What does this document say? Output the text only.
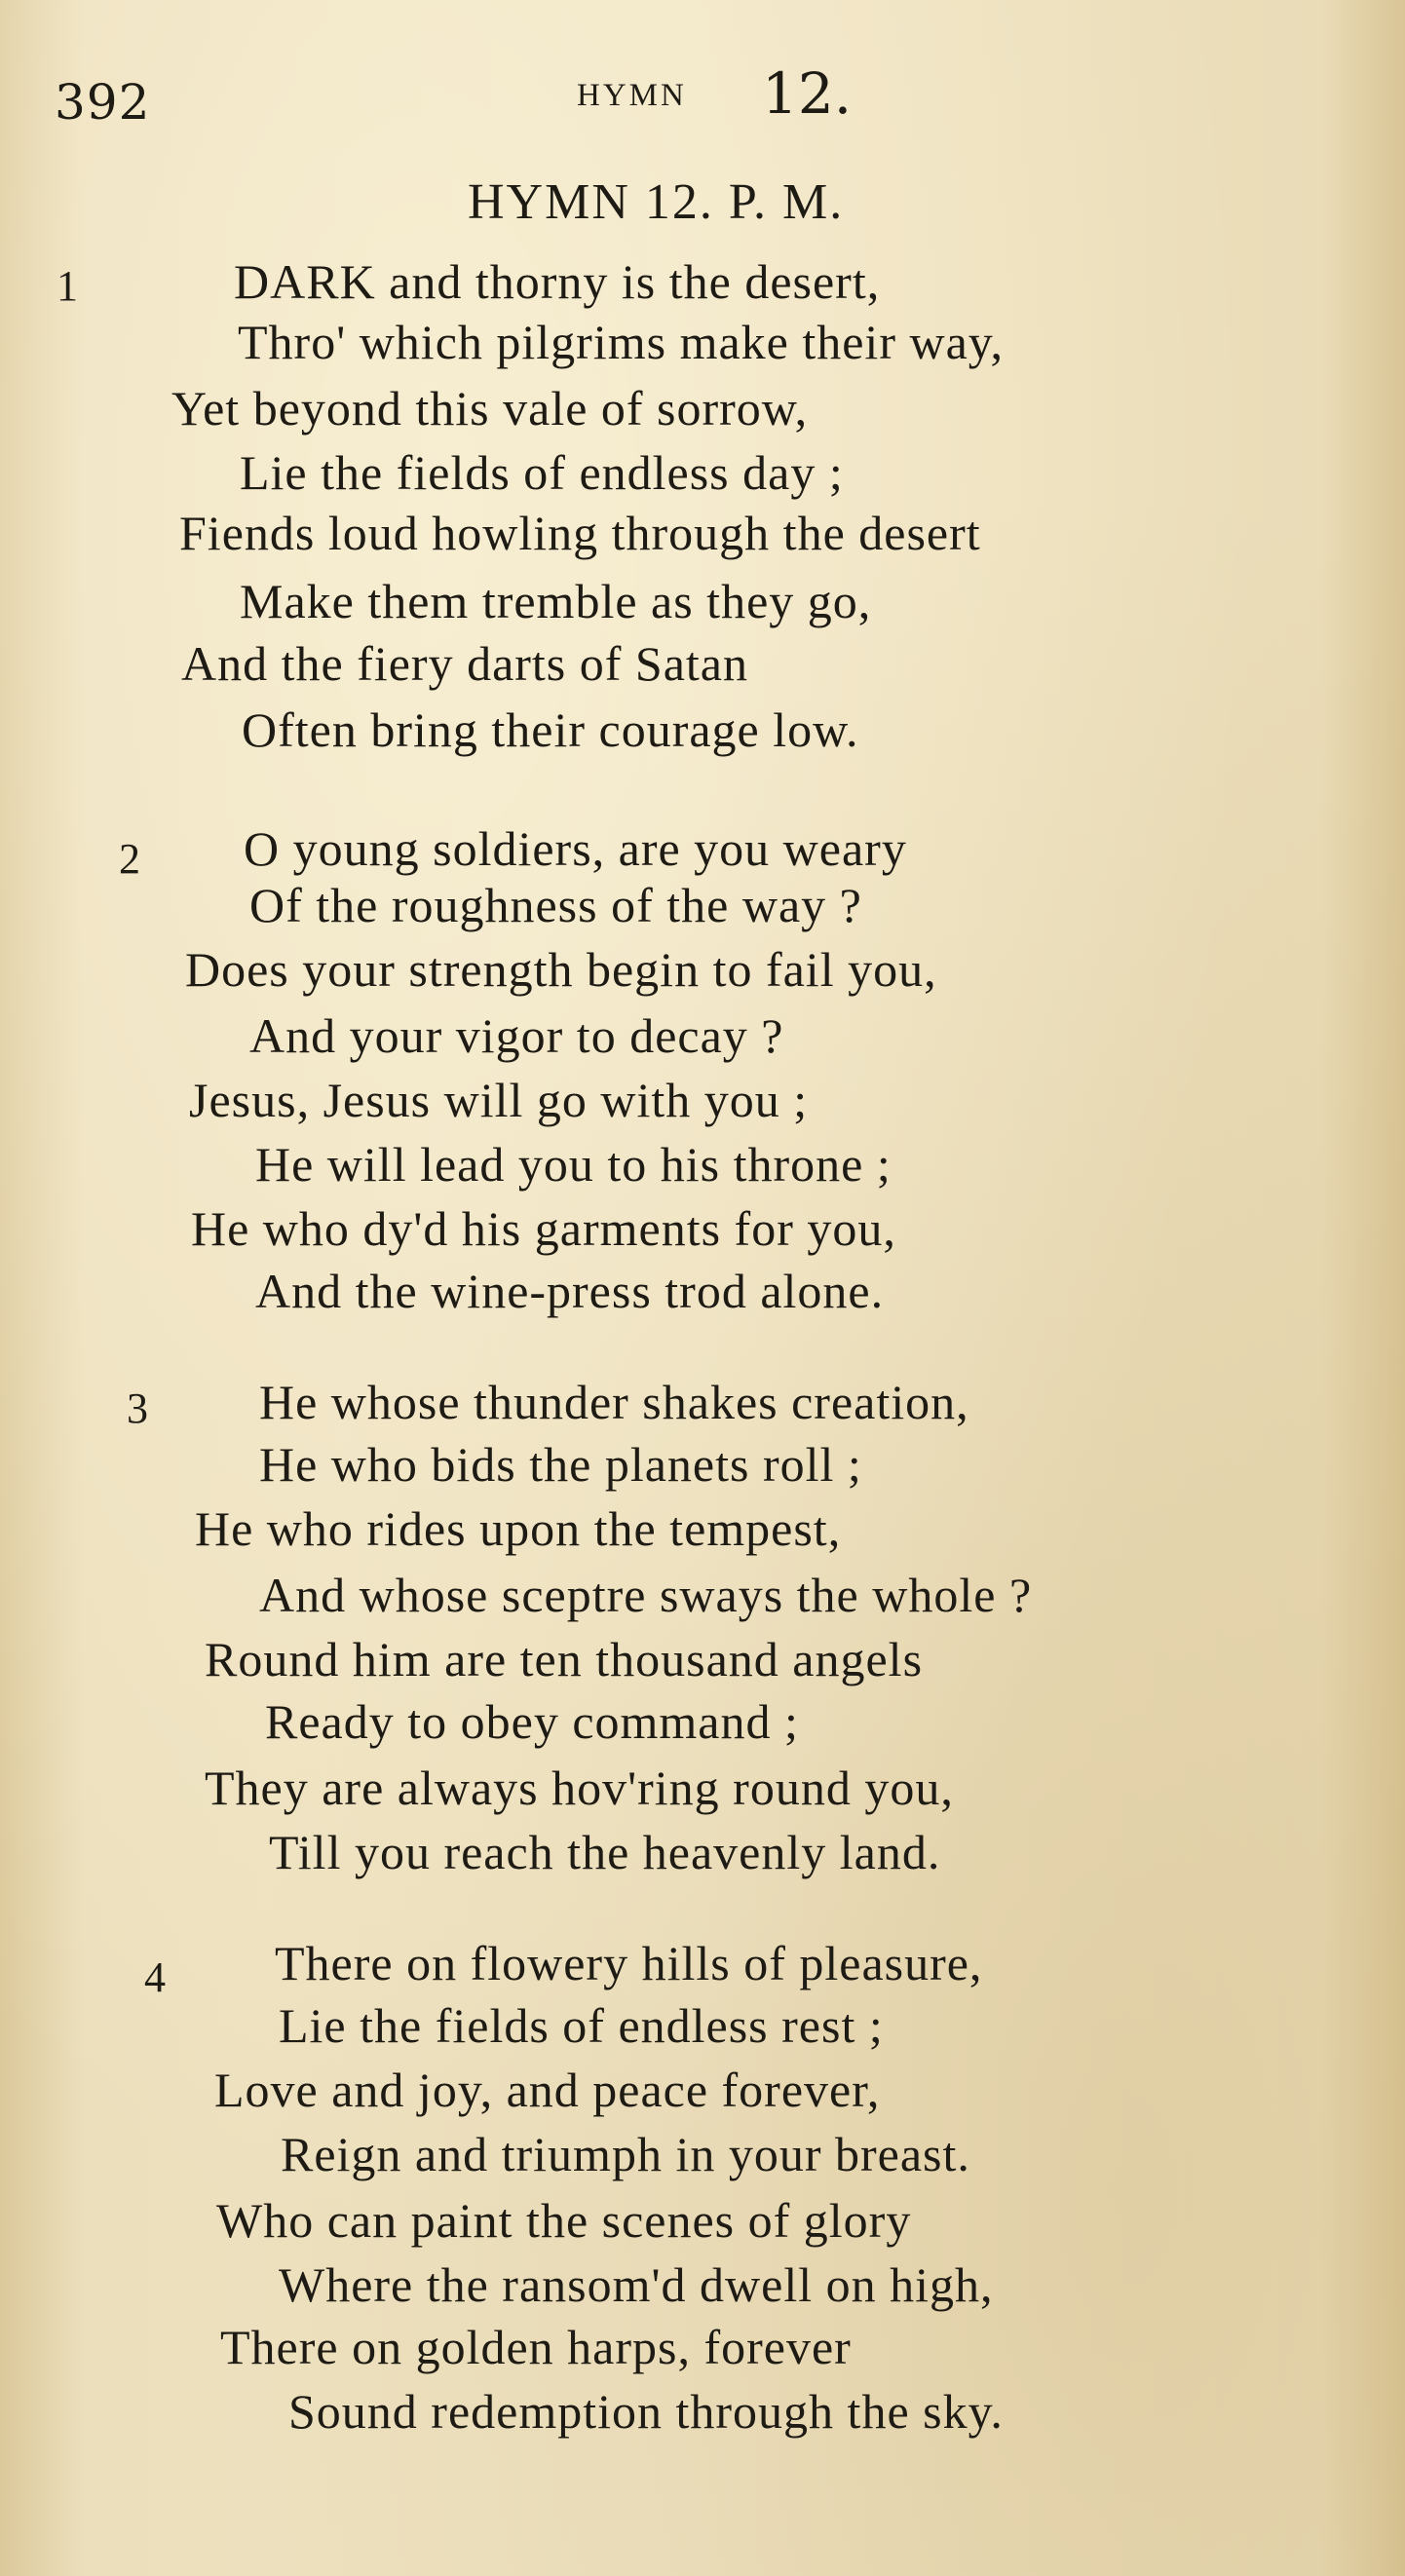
392	HYMN 12.
HYMN 12. P. M.
1	DARK and thorny is the desert,
Thro' which pilgrims make their way,
Yet beyond this vale of sorrow,
Lie the fields of endless day ;
Fiends loud howling through the desert
Make them tremble as they go,
And the fiery darts of Satan
Often bring their courage low.
2 O young soldiers, are you weary
Of the roughness of the way ?
Does your strength begin to fail you,
And your vigor to decay ?
Jesus, Jesus will go with you ;
He will lead you to his throne ;
He who dy'd his garments for you,
And the wine-press trod alone.
3 He whose thunder shakes creation,
He who bids the planets roll ;
He who rides upon the tempest,
And whose sceptre sways the whole ?
Round him are ten thousand angels
Ready to obey command ;
They are always hov'ring round you,
Till you reach the heavenly land.
4 There on flowery hills of pleasure,
Lie the fields of endless rest ;
Love and joy, and peace forever,
Reign and triumph in your breast.
Who can paint the scenes of glory
Where the ransom'd dwell on high,
There on golden harps, forever
Sound redemption through the sky.
